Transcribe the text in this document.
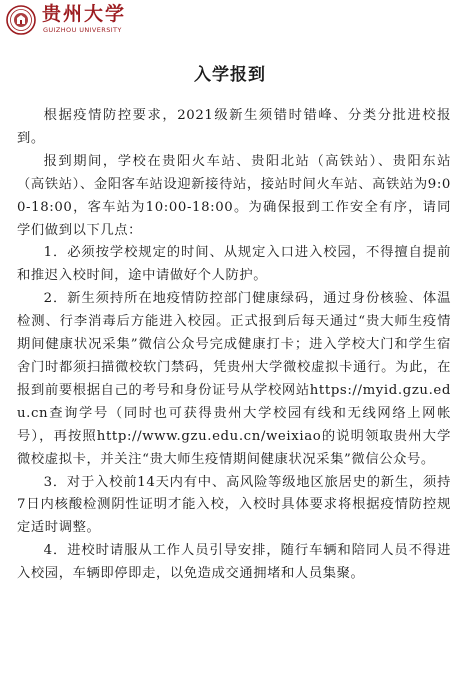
贵州大学
GUIZHOU UNIVERSITY
入学报到

根据疫情防控要求，2021级新生须错时错峰、分类分批进校报到。

报到期间，学校在贵阳火车站、贵阳北站（高铁站）、贵阳东站（高铁站）、金阳客车站设迎新接待站，接站时间火车站、高铁站为9:00-18:00，客车站为10:00-18:00。为确保报到工作安全有序，请同学们做到以下几点：

1．必须按学校规定的时间、从规定入口进入校园，不得擅自提前和推迟入校时间，途中请做好个人防护。

2．新生须持所在地疫情防控部门健康绿码，通过身份核验、体温检测、行李消毒后方能进入校园。正式报到后每天通过“贵大师生疫情期间健康状况采集”微信公众号完成健康打卡；进入学校大门和学生宿舍门时都须扫描微校软门禁码，凭贵州大学微校虚拟卡通行。为此，在报到前要根据自己的考号和身份证号从学校网站https://myid.gzu.edu.cn查询学号（同时也可获得贵州大学校园有线和无线网络上网帐号），再按照http://www.gzu.edu.cn/weixiao的说明领取贵州大学微校虚拟卡，并关注“贵大师生疫情期间健康状况采集”微信公众号。

3．对于入校前14天内有中、高风险等级地区旅居史的新生，须持7日内核酸检测阴性证明才能入校，入校时具体要求将根据疫情防控规定适时调整。

4．进校时请服从工作人员引导安排，随行车辆和陪同人员不得进入校园，车辆即停即走，以免造成交通拥堵和人员集聚。
